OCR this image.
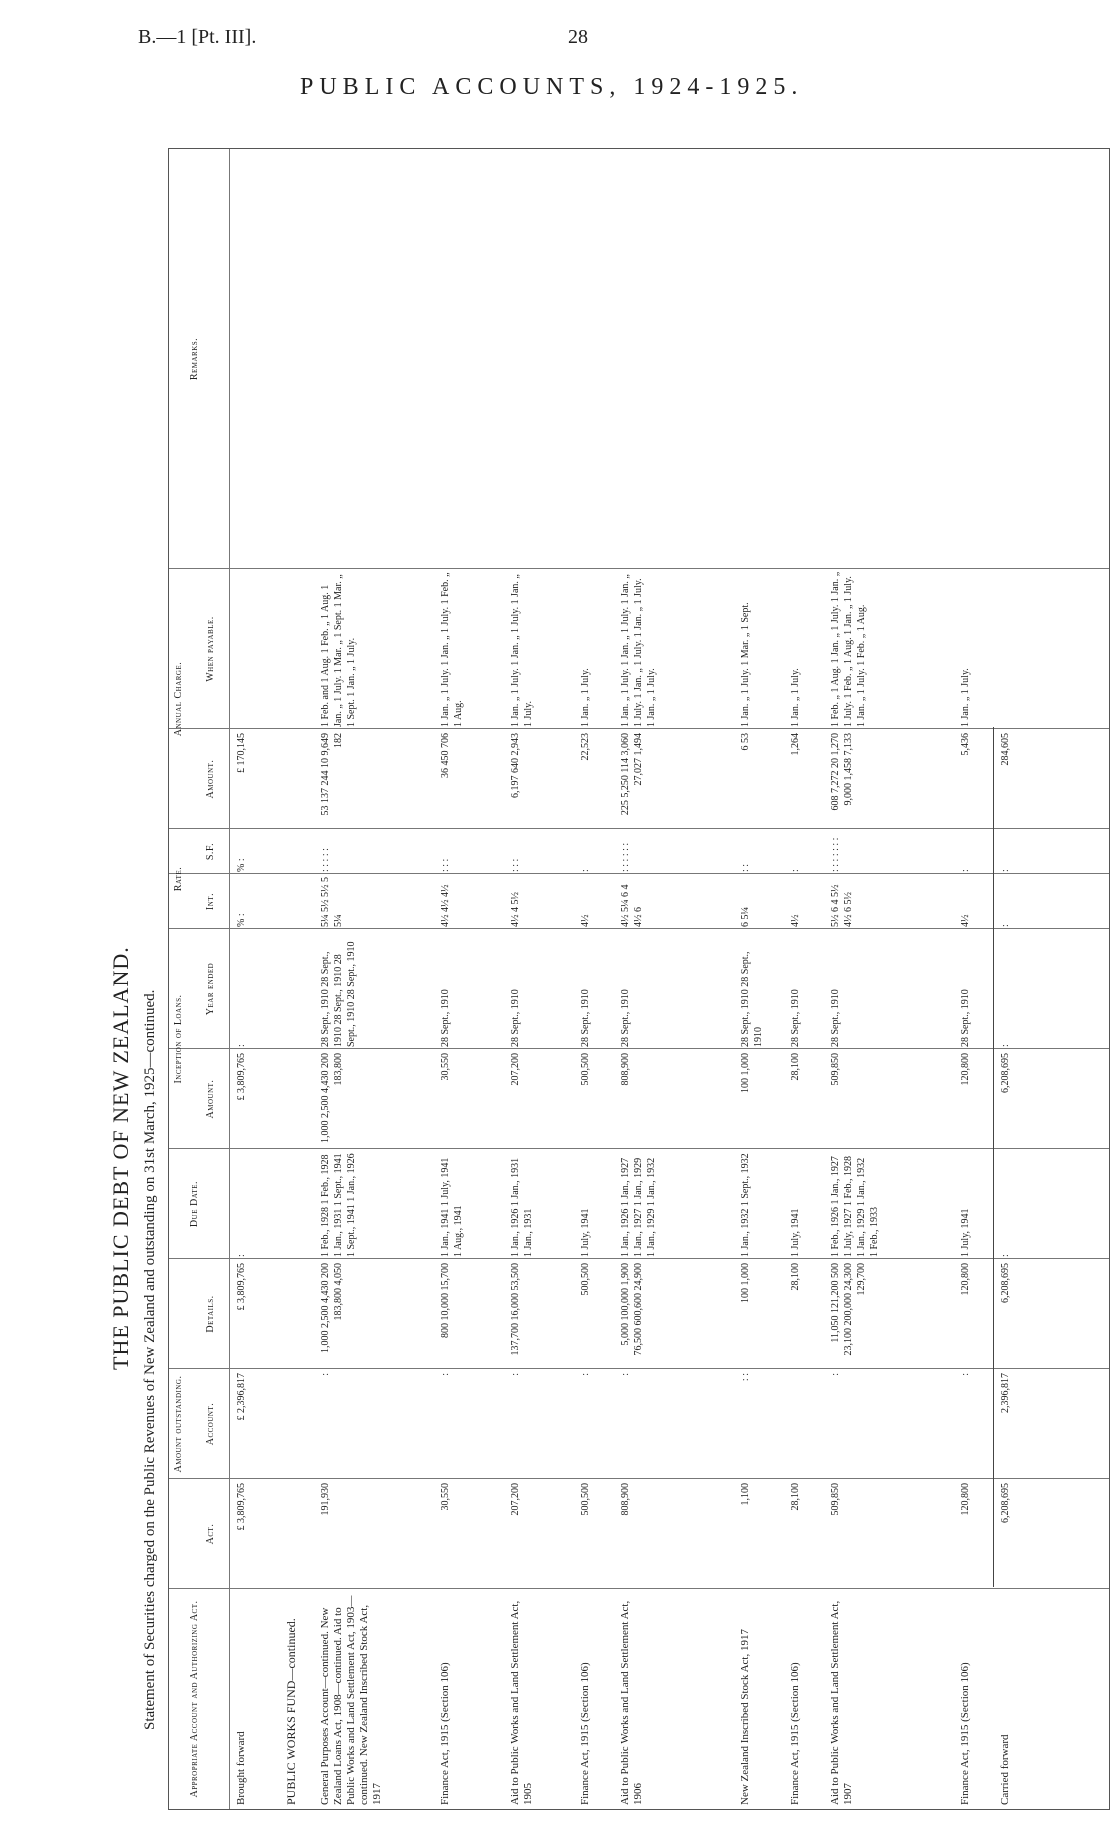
B.—1 [Pt. III].	28
PUBLIC ACCOUNTS, 1924-1925.
THE PUBLIC DEBT OF NEW ZEALAND. Statement of Securities charged on the Public Revenues of New Zealand and outstanding on 31st March, 1925—continued.	Appropriate Account and Authorizing Act.
Amount outstanding.
Act.
Account.
Details.
Due Date.
Inception of Loans.
Amount.
Year ended
Rate.
Int.
S.F.
Annual Charge.
Amount.
When payable.
Remarks.
Brought forward
£ 3,809,765
£ 2,396,817
£ 3,809,765
:
£ 3,809,765
:
% :
% :
£ 170,145
PUBLIC WORKS FUND—continued. General Purposes Account—continued. New Zealand Loans Act, 1908—continued. Aid to Public Works and Land Settlement Act, 1903—continued. New Zealand Inscribed Stock Act, 1917
191,930
:
1,000 2,500 4,430 200 183,800 4,050
1 Feb., 1928 1 Feb., 1928 1 Jan., 1931 1 Sept., 1941 1 Sept., 1941 1 Jan., 1926
1,000 2,500 4,430 200 183,800
28 Sept., 1910 28 Sept., 1910 28 Sept., 1910 28 Sept., 1910 28 Sept., 1910
5¼ 5½ 5½ 5 5¼
: : : : :
53 137 244 10 9,649 182
1 Feb. and 1 Aug. 1 Feb. „ 1 Aug. 1 Jan. „ 1 July. 1 Mar. „ 1 Sept. 1 Mar. „ 1 Sept. 1 Jan. „ 1 July.
Finance Act, 1915 (Section 106)
30,550
:
800 10,000 15,700
1 Jan., 1941 1 July, 1941 1 Aug., 1941
30,550
28 Sept., 1910
4½ 4½ 4½
: : :
36 450 706
1 Jan. „ 1 July. 1 Jan. „ 1 July. 1 Feb. „ 1 Aug.
Aid to Public Works and Land Settlement Act, 1905
207,200
:
137,700 16,000 53,500
1 Jan., 1926 1 Jan., 1931 1 Jan., 1931
207,200
28 Sept., 1910
4½ 4 5½
: : :
6,197 640 2,943
1 Jan. „ 1 July. 1 Jan. „ 1 July. 1 Jan. „ 1 July.
Finance Act, 1915 (Section 106)
500,500
:
500,500
1 July, 1941
500,500
28 Sept., 1910
4½
:
22,523
1 Jan. „ 1 July.
Aid to Public Works and Land Settlement Act, 1906
808,900
:
5,000 100,000 1,900 76,500 600,600 24,900
1 Jan., 1926 1 Jan., 1927 1 Jan., 1927 1 Jan., 1929 1 Jan., 1929 1 Jan., 1932
808,900
28 Sept., 1910
4½ 5¼ 6 4 4½ 6
: : : : : :
225 5,250 114 3,060 27,027 1,494
1 Jan. „ 1 July. 1 Jan. „ 1 July. 1 Jan. „ 1 July. 1 Jan. „ 1 July. 1 Jan. „ 1 July. 1 Jan. „ 1 July.
New Zealand Inscribed Stock Act, 1917
1,100
: :
100 1,000
1 Jan., 1932 1 Sept., 1932
100 1,000
28 Sept., 1910 28 Sept., 1910
6 5¼
: :
6 53
1 Jan. „ 1 July. 1 Mar. „ 1 Sept.
Finance Act, 1915 (Section 106)
28,100
28,100
1 July, 1941
28,100
28 Sept., 1910
4½
:
1,264
1 Jan. „ 1 July.
Aid to Public Works and Land Settlement Act, 1907
509,850
:
11,050 121,200 500 23,100 200,000 24,300 129,700
1 Feb., 1926 1 Jan., 1927 1 July, 1927 1 Feb., 1928 1 Jan., 1929 1 Jan., 1932 1 Feb., 1933
509,850
28 Sept., 1910
5½ 6 4 5½ 4½ 6 5½
: : : : : : :
608 7,272 20 1,270 9,000 1,458 7,133
1 Feb. „ 1 Aug. 1 Jan. „ 1 July. 1 Jan. „ 1 July. 1 Feb. „ 1 Aug. 1 Jan. „ 1 July. 1 Jan. „ 1 July. 1 Feb. „ 1 Aug.
Finance Act, 1915 (Section 106)
120,800
:
120,800
1 July, 1941
120,800
28 Sept., 1910
4½
:
5,436
1 Jan. „ 1 July.
Carried forward
6,208,695
2,396,817
6,208,695
:
6,208,695
:
:
:
284,605
